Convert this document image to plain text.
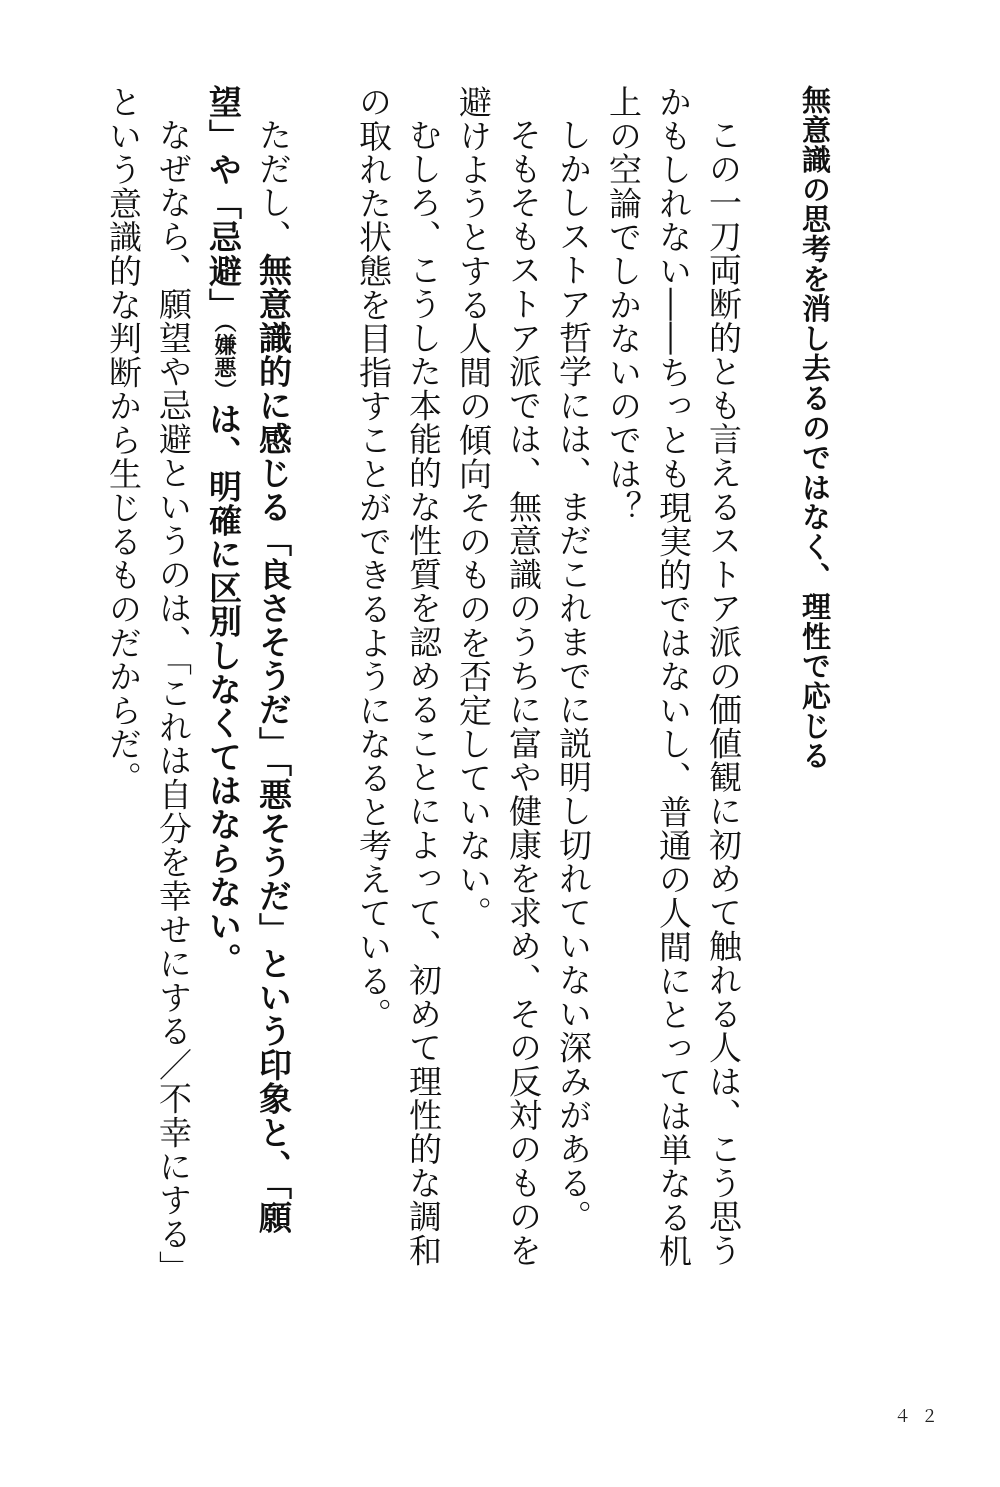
無意識の思考を消し去るのではなく、理性で応じる

この一刀両断的とも言えるストア派の価値観に初めて触れる人は、こう思うかもしれない――ちっとも現実的ではないし、普通の人間にとっては単なる机上の空論でしかないのでは？

しかしストア哲学には、まだこれまでに説明し切れていない深みがある。

そもそもストア派では、無意識のうちに富や健康を求め、その反対のものを避けようとする人間の傾向そのものを否定していない。

むしろ、こうした本能的な性質を認めることによって、初めて理性的な調和の取れた状態を目指すことができるようになると考えている。

ただし、無意識的に感じる「良さそうだ」「悪そうだ」という印象と、「願望」や「忌避」（嫌悪）は、明確に区別しなくてはならない。

なぜなら、願望や忌避というのは、「これは自分を幸せにする／不幸にする」という意識的な判断から生じるものだからだ。

４２
